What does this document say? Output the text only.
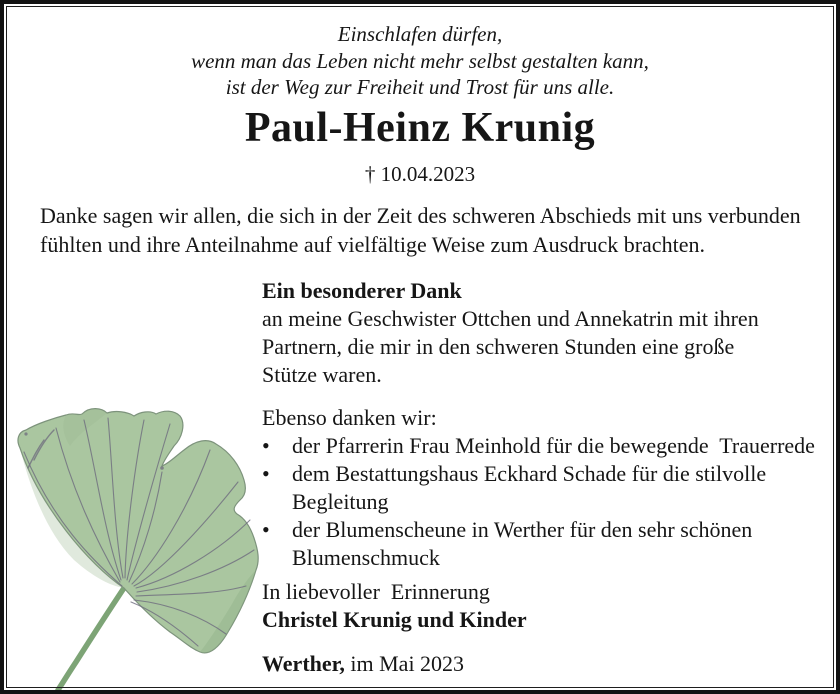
Einschlafen dürfen,
wenn man das Leben nicht mehr selbst gestalten kann,
ist der Weg zur Freiheit und Trost für uns alle.
Paul-Heinz Krunig
† 10.04.2023
Danke sagen wir allen, die sich in der Zeit des schweren Abschieds mit uns verbunden fühlten und ihre Anteilnahme auf vielfältige Weise zum Ausdruck brachten.
Ein besonderer Dank
an meine Geschwister Ottchen und Annekatrin mit ihren Partnern, die mir in den schweren Stunden eine große Stütze waren.
Ebenso danken wir:
•	der Pfarrerin Frau Meinhold für die bewegende  Trauerrede
•	dem Bestattungshaus Eckhard Schade für die stilvolle Begleitung
•	der Blumenscheune in Werther für den sehr schönen Blumenschmuck
In liebevoller  Erinnerung
Christel Krunig und Kinder
Werther, im Mai 2023
